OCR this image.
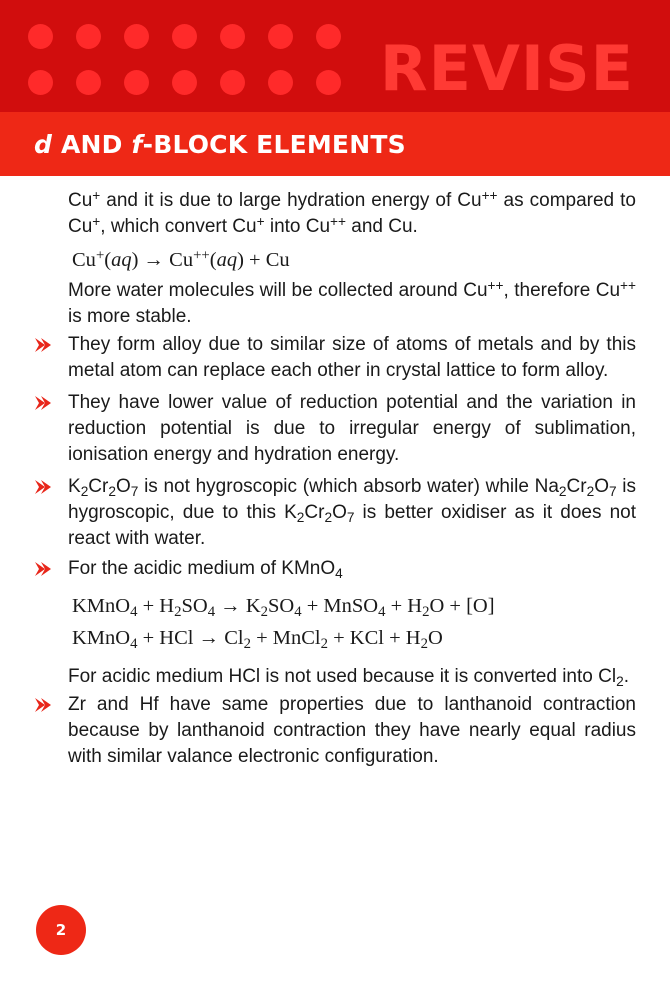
REVISE
d AND f-BLOCK ELEMENTS

Cu+ and it is due to large hydration energy of Cu++ as compared to Cu+, which convert Cu+ into Cu++ and Cu.

Cu+(aq) → Cu++(aq) + Cu

More water molecules will be collected around Cu++, therefore Cu++ is more stable.

They form alloy due to similar size of atoms of metals and by this metal atom can replace each other in crystal lattice to form alloy.

They have lower value of reduction potential and the variation in reduction potential is due to irregular energy of sublimation, ionisation energy and hydration energy.

$K_2Cr_2O_7$ is not hygroscopic (which absorb water) while $Na_2Cr_2O_7$ is hygroscopic, due to this $K_2Cr_2O_7$ is better oxidiser as it does not react with water.

For the acidic medium of KMnO$_4$

KMnO$_4$ + $H_2SO_4 \to K_2SO_4$ + MnSO$_4$ + $H_2O + [O]$
KMnO$_4$ + HCl → $Cl_2$ + MnCl$_2$ + KCl + $H_2O$

For acidic medium HCl is not used because it is converted into $Cl_2$.

Zr and Hf have same properties due to lanthanoid contraction because by lanthanoid contraction they have nearly equal radius with similar valance electronic configuration.

2
